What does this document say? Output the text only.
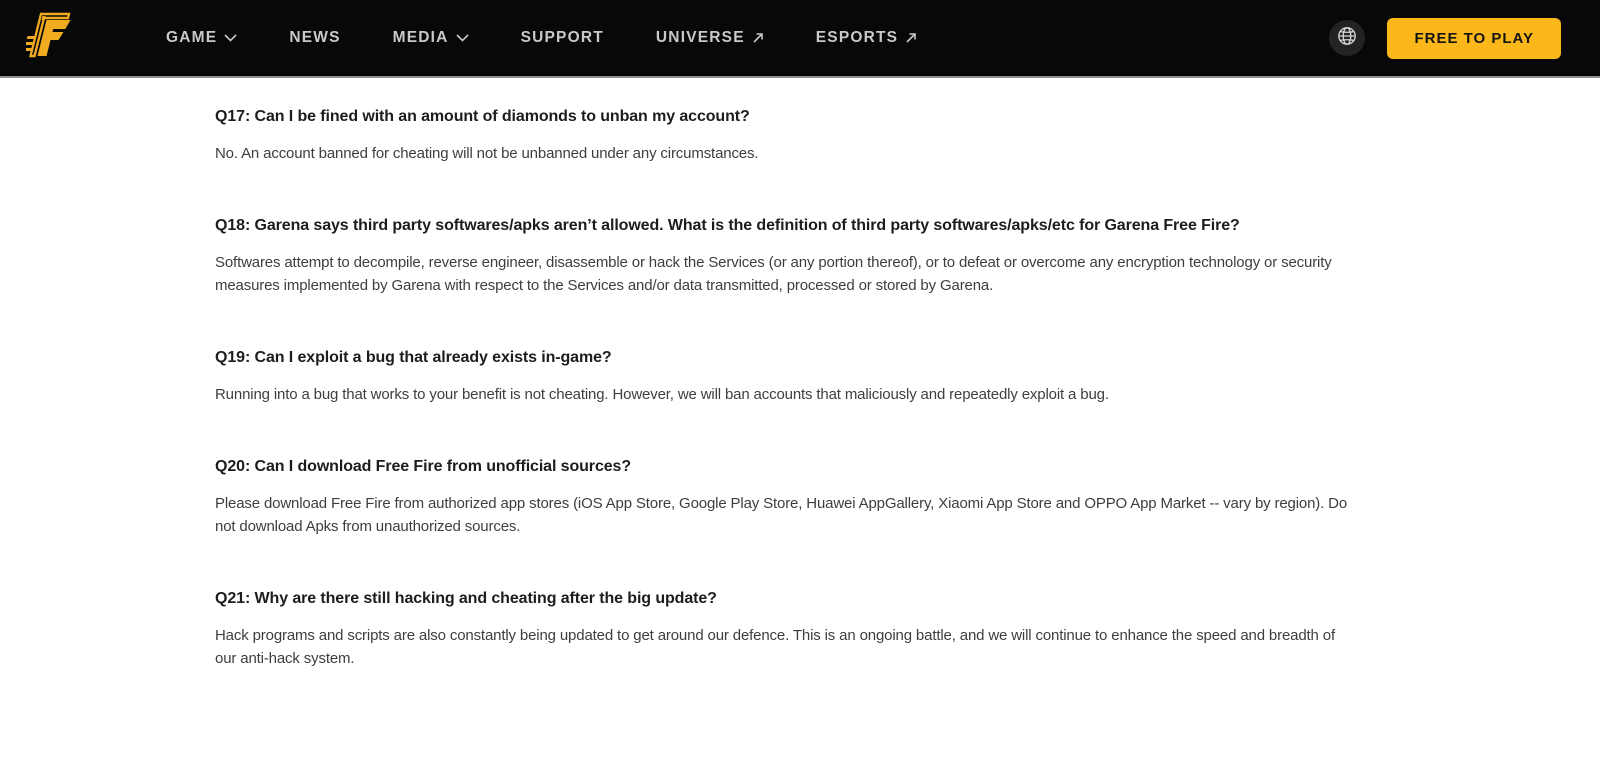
GAME	NEWS	MEDIA	SUPPORT	UNIVERSE	ESPORTS	FREE TO PLAY
Q17: Can I be fined with an amount of diamonds to unban my account?

No. An account banned for cheating will not be unbanned under any circumstances.

Q18: Garena says third party softwares/apks aren’t allowed. What is the definition of third party softwares/apks/etc for Garena Free Fire?

Softwares attempt to decompile, reverse engineer, disassemble or hack the Services (or any portion thereof), or to defeat or overcome any encryption technology or security measures implemented by Garena with respect to the Services and/or data transmitted, processed or stored by Garena.

Q19: Can I exploit a bug that already exists in-game?

Running into a bug that works to your benefit is not cheating. However, we will ban accounts that maliciously and repeatedly exploit a bug.

Q20: Can I download Free Fire from unofficial sources?

Please download Free Fire from authorized app stores (iOS App Store, Google Play Store, Huawei AppGallery, Xiaomi App Store and OPPO App Market -- vary by region). Do not download Apks from unauthorized sources.

Q21: Why are there still hacking and cheating after the big update?

Hack programs and scripts are also constantly being updated to get around our defence. This is an ongoing battle, and we will continue to enhance the speed and breadth of our anti-hack system.
